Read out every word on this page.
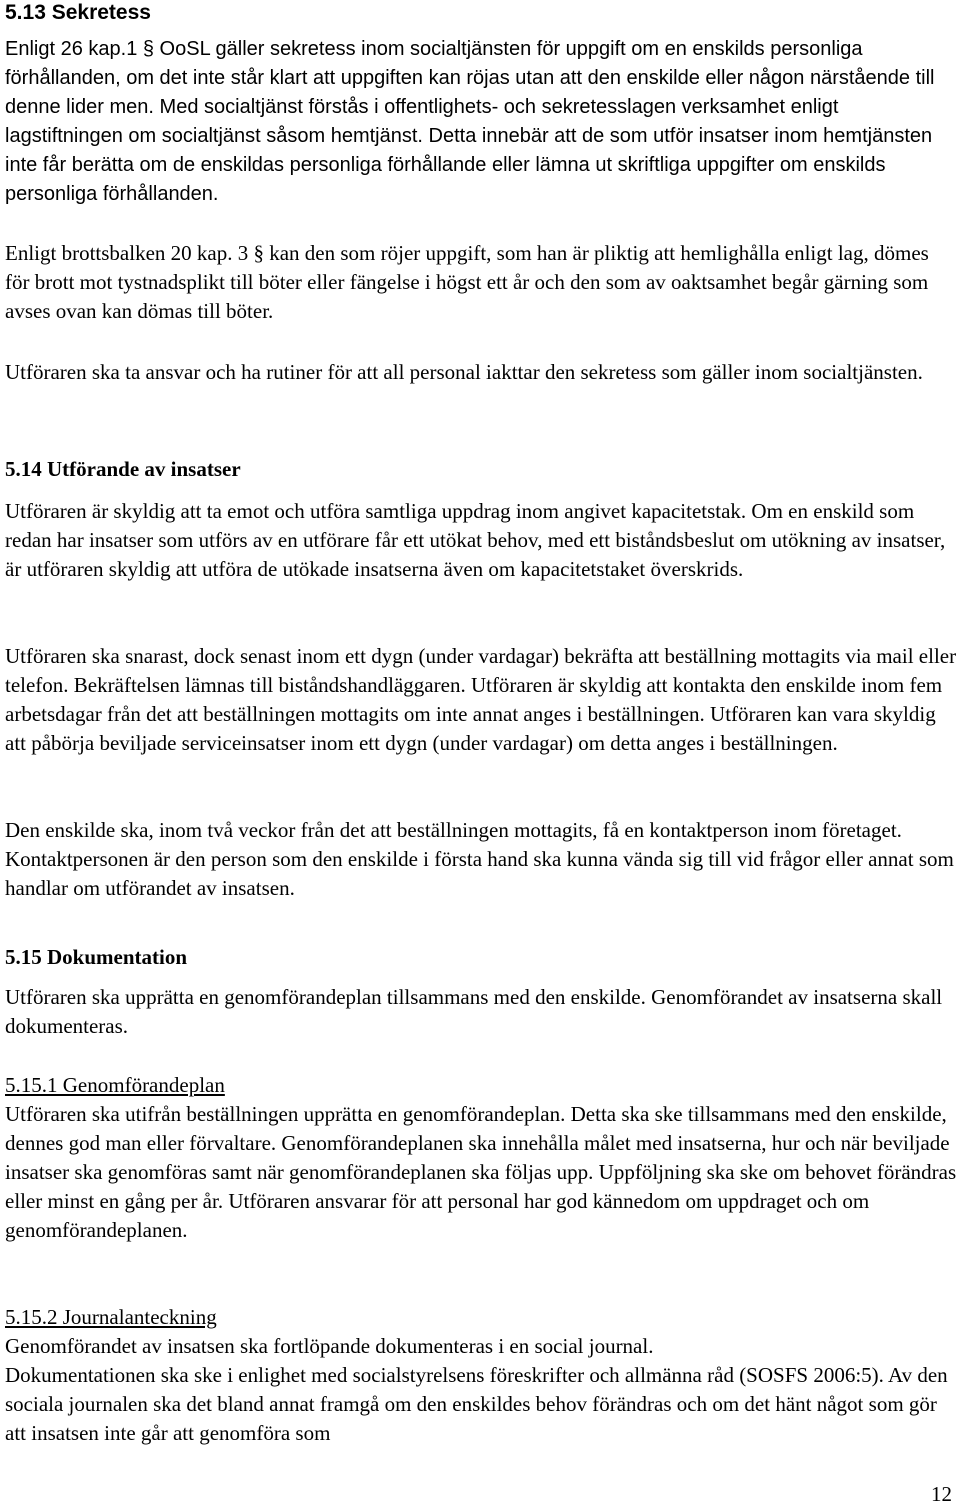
5.13 Sekretess

Enligt 26 kap.1 § OoSL gäller sekretess inom socialtjänsten för uppgift om en enskilds personliga förhållanden, om det inte står klart att uppgiften kan röjas utan att den enskilde eller någon närstående till denne lider men. Med socialtjänst förstås i offentlighets- och sekretesslagen verksamhet enligt lagstiftningen om socialtjänst såsom hemtjänst. Detta innebär att de som utför insatser inom hemtjänsten inte får berätta om de enskildas personliga förhållande eller lämna ut skriftliga uppgifter om enskilds personliga förhållanden.

Enligt brottsbalken 20 kap. 3 § kan den som röjer uppgift, som han är pliktig att hemlighålla enligt lag, dömes för brott mot tystnadsplikt till böter eller fängelse i högst ett år och den som av oaktsamhet begår gärning som avses ovan kan dömas till böter.

Utföraren ska ta ansvar och ha rutiner för att all personal iakttar den sekretess som gäller inom socialtjänsten.

5.14 Utförande av insatser

Utföraren är skyldig att ta emot och utföra samtliga uppdrag inom angivet kapacitetstak. Om en enskild som redan har insatser som utförs av en utförare får ett utökat behov, med ett biståndsbeslut om utökning av insatser, är utföraren skyldig att utföra de utökade insatserna även om kapacitetstaket överskrids.

Utföraren ska snarast, dock senast inom ett dygn (under vardagar) bekräfta att beställning mottagits via mail eller telefon. Bekräftelsen lämnas till biståndshandläggaren. Utföraren är skyldig att kontakta den enskilde inom fem arbetsdagar från det att beställningen mottagits om inte annat anges i beställningen. Utföraren kan vara skyldig att påbörja beviljade serviceinsatser inom ett dygn (under vardagar) om detta anges i beställningen.

Den enskilde ska, inom två veckor från det att beställningen mottagits, få en kontaktperson inom företaget. Kontaktpersonen är den person som den enskilde i första hand ska kunna vända sig till vid frågor eller annat som handlar om utförandet av insatsen.

5.15 Dokumentation

Utföraren ska upprätta en genomförandeplan tillsammans med den enskilde. Genomförandet av insatserna skall dokumenteras.

5.15.1 Genomförandeplan

Utföraren ska utifrån beställningen upprätta en genomförandeplan. Detta ska ske tillsammans med den enskilde, dennes god man eller förvaltare. Genomförandeplanen ska innehålla målet med insatserna, hur och när beviljade insatser ska genomföras samt när genomförandeplanen ska följas upp. Uppföljning ska ske om behovet förändras eller minst en gång per år. Utföraren ansvarar för att personal har god kännedom om uppdraget och om genomförandeplanen.

5.15.2 Journalanteckning

Genomförandet av insatsen ska fortlöpande dokumenteras i en social journal.

Dokumentationen ska ske i enlighet med socialstyrelsens föreskrifter och allmänna råd (SOSFS 2006:5). Av den sociala journalen ska det bland annat framgå om den enskildes behov förändras och om det hänt något som gör att insatsen inte går att genomföra som

12
